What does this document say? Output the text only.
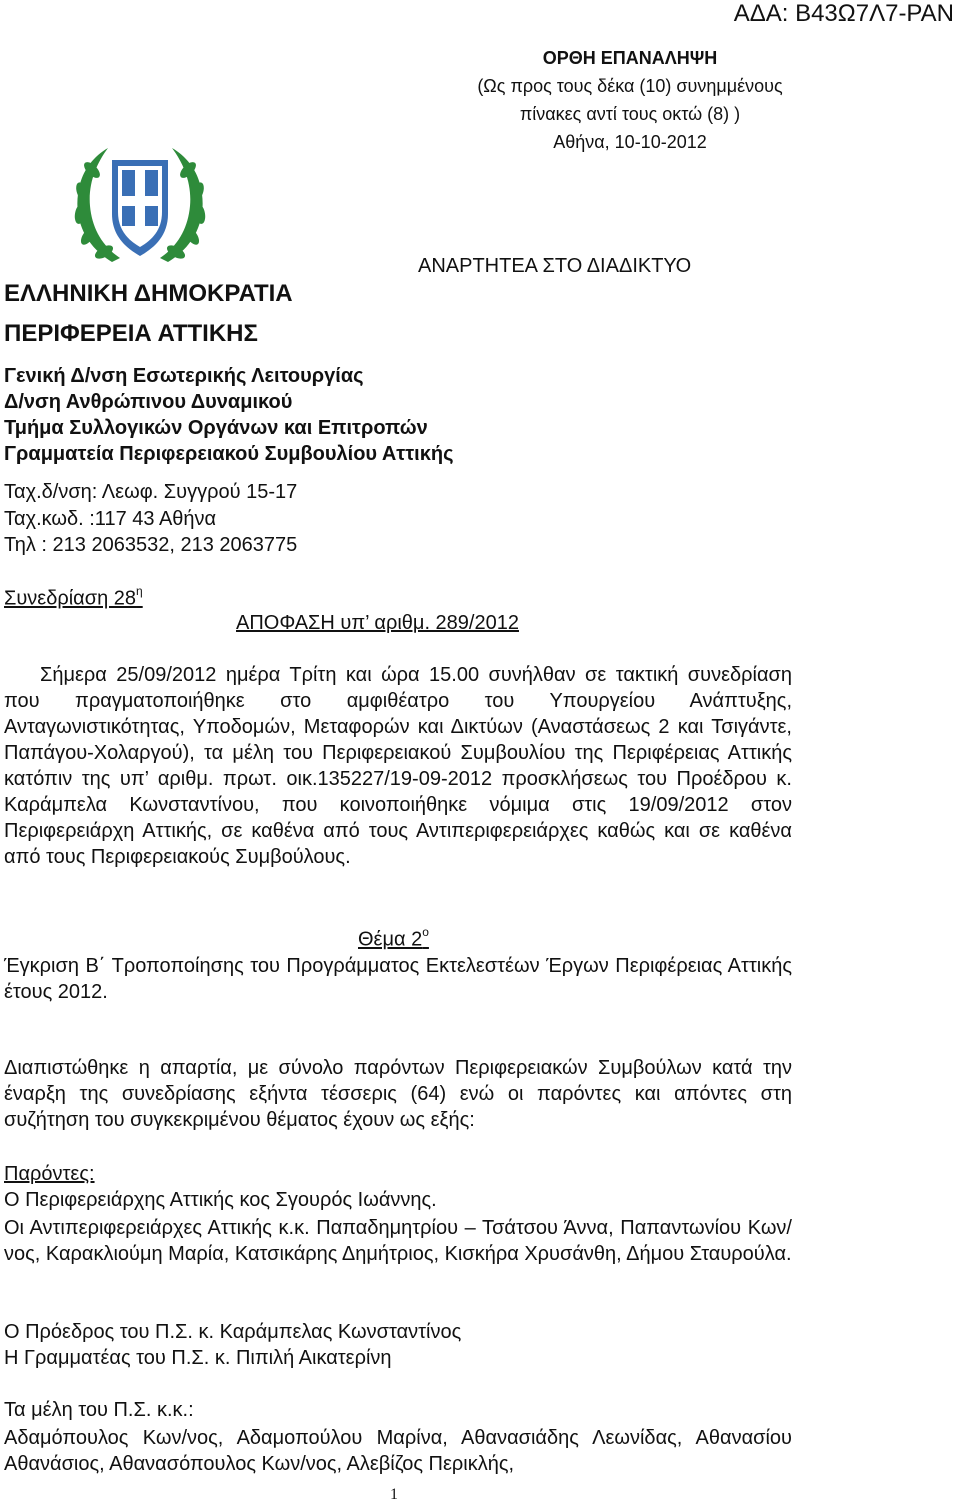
ΑΔΑ: Β43Ω7Λ7-ΡΑΝ
ΟΡΘΗ ΕΠΑΝΑΛΗΨΗ
(Ως προς τους δέκα (10) συνημμένους
πίνακες αντί τους οκτώ (8) )
Αθήνα, 10-10-2012
ΑΝΑΡΤΗΤΕΑ ΣΤΟ ΔΙΑΔΙΚΤΥΟ
ΕΛΛΗΝΙΚΗ ΔΗΜΟΚΡΑΤΙΑ
ΠΕΡΙΦΕΡΕΙΑ ΑΤΤΙΚΗΣ
Γενική Δ/νση Εσωτερικής Λειτουργίας
Δ/νση Ανθρώπινου Δυναμικού
Τμήμα Συλλογικών Οργάνων και Επιτροπών
Γραμματεία Περιφερειακού Συμβουλίου Αττικής
Ταχ.δ/νση: Λεωφ. Συγγρού 15-17
Ταχ.κωδ. :117 43 Αθήνα
Τηλ : 213 2063532, 213 2063775
Συνεδρίαση $28^\eta$
ΑΠΟΦΑΣΗ υπ’ αριθμ. 289/2012
Σήμερα 25/09/2012 ημέρα Τρίτη και ώρα 15.00 συνήλθαν σε τακτική συνεδρίαση που πραγματοποιήθηκε στο αμφιθέατρο του Υπουργείου Ανάπτυξης, Ανταγωνιστικότητας, Υποδομών, Μεταφορών και Δικτύων (Αναστάσεως 2 και Τσιγάντε, Παπάγου-Χολαργού), τα μέλη του Περιφερειακού Συμβουλίου της Περιφέρειας Αττικής κατόπιν της υπ’ αριθμ. πρωτ. οικ.135227/19-09-2012 προσκλήσεως του Προέδρου κ. Καράμπελα Κωνσταντίνου, που κοινοποιήθηκε νόμιμα στις 19/09/2012 στον Περιφερειάρχη Αττικής, σε καθένα από τους Αντιπεριφερειάρχες καθώς και σε καθένα από τους Περιφερειακούς Συμβούλους.
Θέμα $2^o$
Έγκριση Β΄ Τροποποίησης του Προγράμματος Εκτελεστέων Έργων Περιφέρειας Αττικής έτους 2012.
Διαπιστώθηκε η απαρτία, με σύνολο παρόντων Περιφερειακών Συμβούλων κατά την έναρξη της συνεδρίασης εξήντα τέσσερις (64) ενώ οι παρόντες και απόντες στη συζήτηση του συγκεκριμένου θέματος έχουν ως εξής:
Παρόντες:
Ο Περιφερειάρχης Αττικής κος Σγουρός Ιωάννης.
Οι Αντιπεριφερειάρχες Αττικής κ.κ. Παπαδημητρίου – Τσάτσου Άννα, Παπαντωνίου Κων/νος, Καρακλιούμη Μαρία, Κατσικάρης Δημήτριος, Κισκήρα Χρυσάνθη, Δήμου Σταυρούλα.
Ο Πρόεδρος του Π.Σ. κ. Καράμπελας Κωνσταντίνος
Η Γραμματέας του Π.Σ. κ. Πιπιλή Αικατερίνη
Τα μέλη του Π.Σ. κ.κ.:
Αδαμόπουλος Κων/νος, Αδαμοπούλου Μαρίνα, Αθανασιάδης Λεωνίδας, Αθανασίου Αθανάσιος, Αθανασόπουλος Κων/νος, Αλεβίζος Περικλής,
1
